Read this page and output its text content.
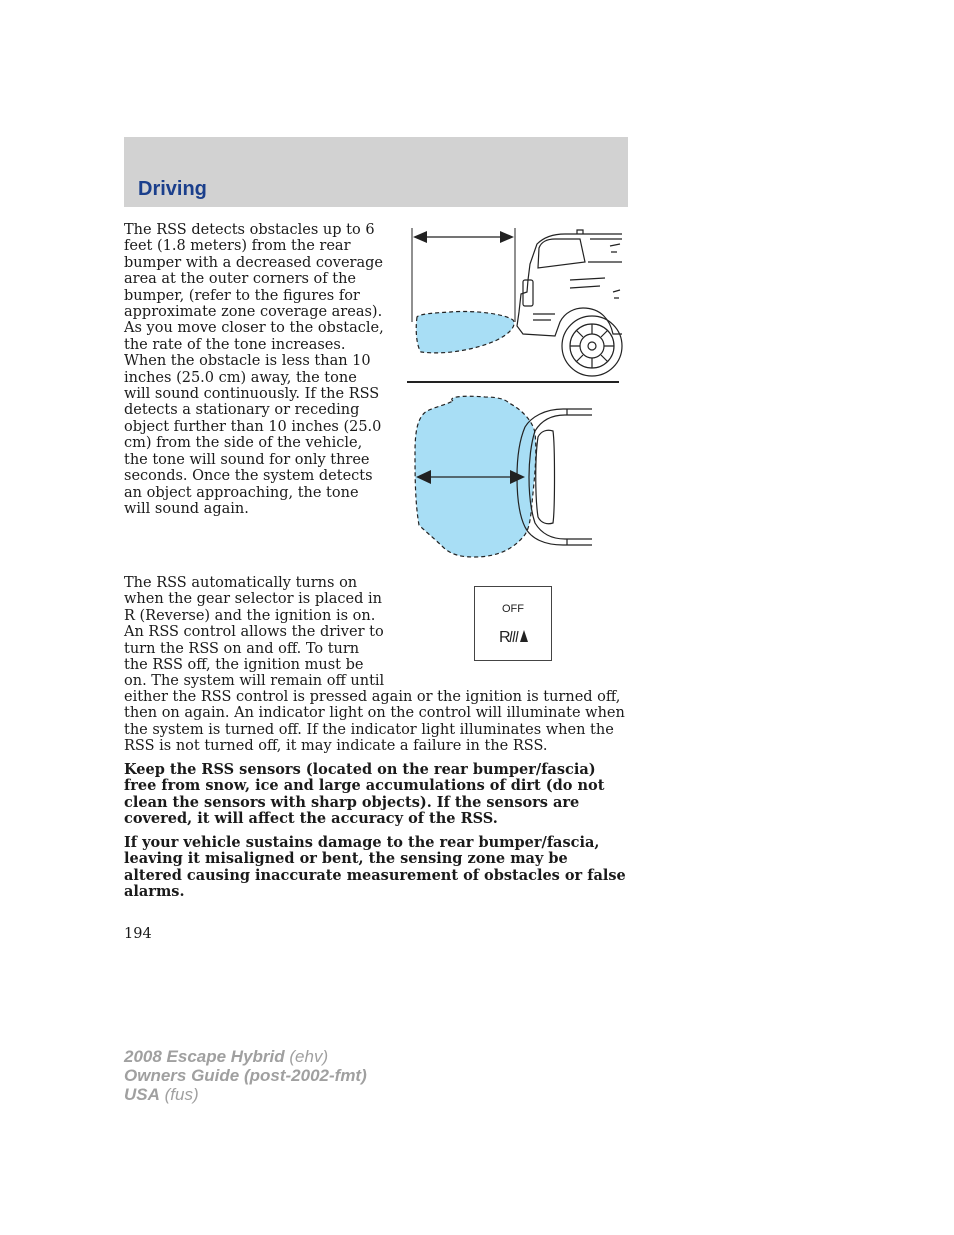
Driving

The RSS detects obstacles up to 6 feet (1.8 meters) from the rear bumper with a decreased coverage area at the outer corners of the bumper, (refer to the figures for approximate zone coverage areas). As you move closer to the obstacle, the rate of the tone increases. When the obstacle is less than 10 inches (25.0 cm) away, the tone will sound continuously. If the RSS detects a stationary or receding object further than 10 inches (25.0 cm) from the side of the vehicle, the tone will sound for only three seconds. Once the system detects an object approaching, the tone will sound again.

The RSS automatically turns on when the gear selector is placed in R (Reverse) and the ignition is on. An RSS control allows the driver to turn the RSS on and off. To turn the RSS off, the ignition must be on. The system will remain off until

OFF
R

either the RSS control is pressed again or the ignition is turned off, then on again. An indicator light on the control will illuminate when the system is turned off. If the indicator light illuminates when the RSS is not turned off, it may indicate a failure in the RSS.

Keep the RSS sensors (located on the rear bumper/fascia) free from snow, ice and large accumulations of dirt (do not clean the sensors with sharp objects). If the sensors are covered, it will affect the accuracy of the RSS.

If your vehicle sustains damage to the rear bumper/fascia, leaving it misaligned or bent, the sensing zone may be altered causing inaccurate measurement of obstacles or false alarms.

194
2008 Escape Hybrid (ehv)
Owners Guide (post-2002-fmt)
USA (fus)
